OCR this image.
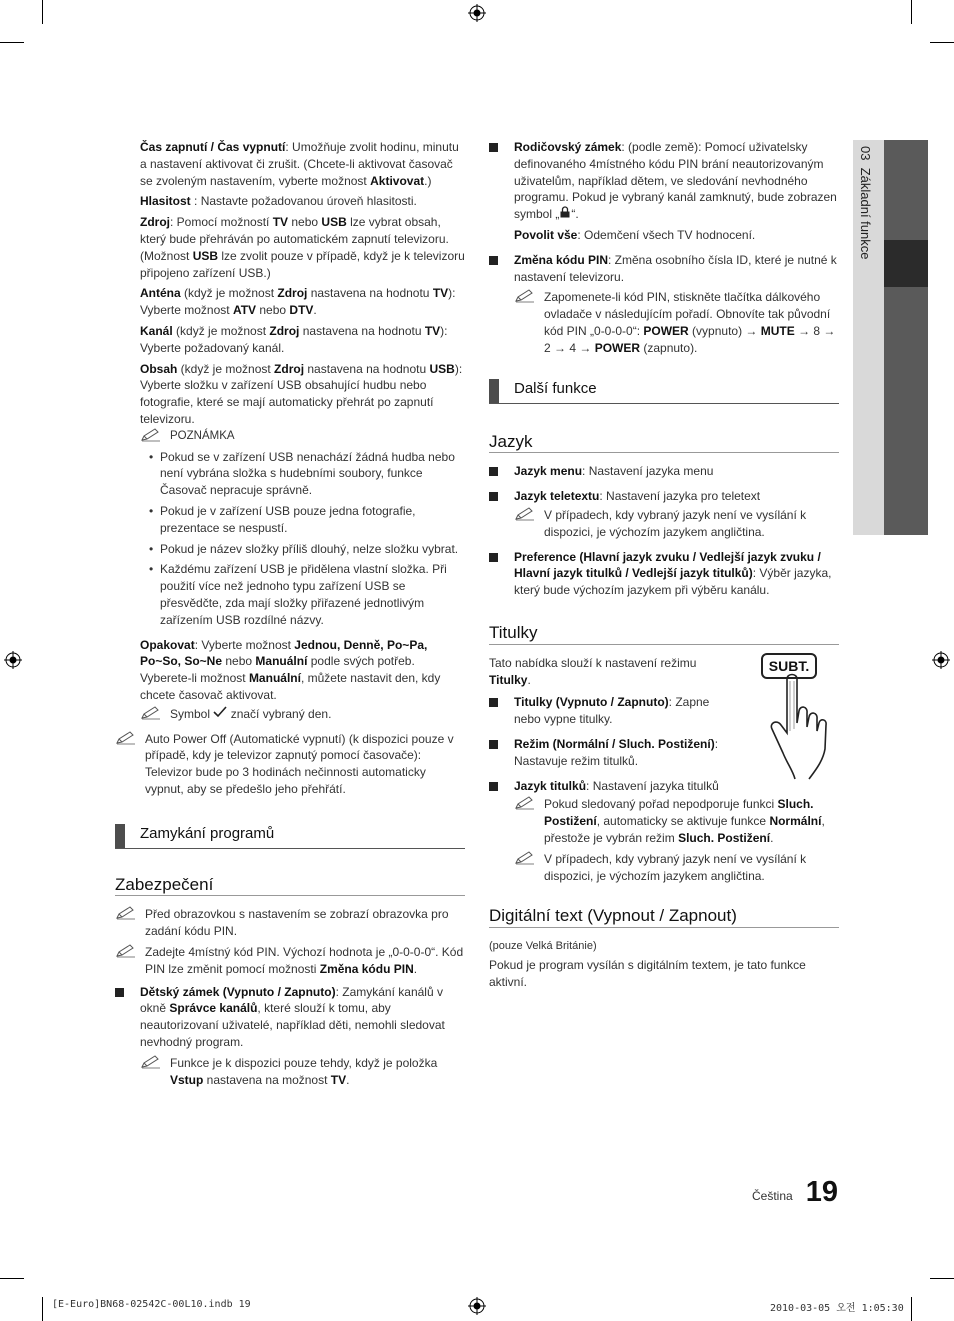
03  Základní funkce

Čas zapnutí / Čas vypnutí: Umožňuje zvolit hodinu, minutu a nastavení aktivovat či zrušit. (Chcete-li aktivovat časovač se zvoleným nastavením, vyberte možnost Aktivovat.)

Hlasitost : Nastavte požadovanou úroveň hlasitosti.

Zdroj: Pomocí možností TV nebo USB lze vybrat obsah, který bude přehráván po automatickém zapnutí televizoru. (Možnost USB lze zvolit pouze v případě, když je k televizoru připojeno zařízení USB.)

Anténa (když je možnost Zdroj nastavena na hodnotu TV): Vyberte možnost ATV nebo DTV.

Kanál (když je možnost Zdroj nastavena na hodnotu TV): Vyberte požadovaný kanál.

Obsah (když je možnost Zdroj nastavena na hodnotu USB): Vyberte složku v zařízení USB obsahující hudbu nebo fotografie, které se mají automaticky přehrát po zapnutí televizoru.

POZNÁMKA
• Pokud se v zařízení USB nenachází žádná hudba nebo není vybrána složka s hudebními soubory, funkce Časovač nepracuje správně.
• Pokud je v zařízení USB pouze jedna fotografie, prezentace se nespustí.
• Pokud je název složky příliš dlouhý, nelze složku vybrat.
• Každému zařízení USB je přidělena vlastní složka. Při použití více než jednoho typu zařízení USB se přesvědčte, zda mají složky přiřazené jednotlivým zařízením USB rozdílné názvy.

Opakovat: Vyberte možnost Jednou, Denně, Po~Pa, Po~So, So~Ne nebo Manuální podle svých potřeb. Vyberete-li možnost Manuální, můžete nastavit den, kdy chcete časovač aktivovat.

Symbol  značí vybraný den.
Auto Power Off (Automatické vypnutí) (k dispozici pouze v případě, kdy je televizor zapnutý pomocí časovače): Televizor bude po 3 hodinách nečinnosti automaticky vypnut, aby se předešlo jeho přehřátí.
Zamykání programů
Zabezpečení
Před obrazovkou s nastavením se zobrazí obrazovka pro zadání kódu PIN.
Zadejte 4místný kód PIN. Výchozí hodnota je „0-0-0-0“. Kód PIN lze změnit pomocí možnosti Změna kódu PIN.
Dětský zámek (Vypnuto / Zapnuto): Zamykání kanálů v okně Správce kanálů, které slouží k tomu, aby neautorizovaní uživatelé, například děti, nemohli sledovat nevhodný program.
Funkce je k dispozici pouze tehdy, když je položka Vstup nastavena na možnost TV.
Rodičovský zámek: (podle země): Pomocí uživatelsky definovaného 4místného kódu PIN brání neautorizovaným uživatelům, například dětem, ve sledování nevhodného programu. Pokud je vybraný kanál zamknutý, bude zobrazen symbol „ “.

Povolit vše: Odemčení všech TV hodnocení.

Změna kódu PIN: Změna osobního čísla ID, které je nutné k nastavení televizoru.
Zapomenete-li kód PIN, stiskněte tlačítka dálkového ovladače v následujícím pořadí. Obnovíte tak původní kód PIN „0-0-0-0“: POWER (vypnuto) → MUTE → 8 → 2 → 4 → POWER (zapnuto).
Další funkce
Jazyk
Jazyk menu: Nastavení jazyka menu
Jazyk teletextu: Nastavení jazyka pro teletext
V případech, kdy vybraný jazyk není ve vysílání k dispozici, je výchozím jazykem angličtina.
Preference (Hlavní jazyk zvuku / Vedlejší jazyk zvuku / Hlavní jazyk titulků / Vedlejší jazyk titulků): Výběr jazyka, který bude výchozím jazykem při výběru kanálu.
Titulky

Tato nabídka slouží k nastavení režimu Titulky.

Titulky (Vypnuto / Zapnuto): Zapne nebo vypne titulky.
Režim (Normální / Sluch. Postižení): Nastavuje režim titulků.
Jazyk titulků: Nastavení jazyka titulků
Pokud sledovaný pořad nepodporuje funkci Sluch. Postižení, automaticky se aktivuje funkce Normální, přestože je vybrán režim Sluch. Postižení.
V případech, kdy vybraný jazyk není ve vysílání k dispozici, je výchozím jazykem angličtina.
SUBT.
Digitální text (Vypnout / Zapnout)

(pouze Velká Británie)

Pokud je program vysílán s digitálním textem, je tato funkce aktivní.

Čeština 19
[E-Euro]BN68-02542C-00L10.indb 19	2010-03-05 오전 1:05:30
